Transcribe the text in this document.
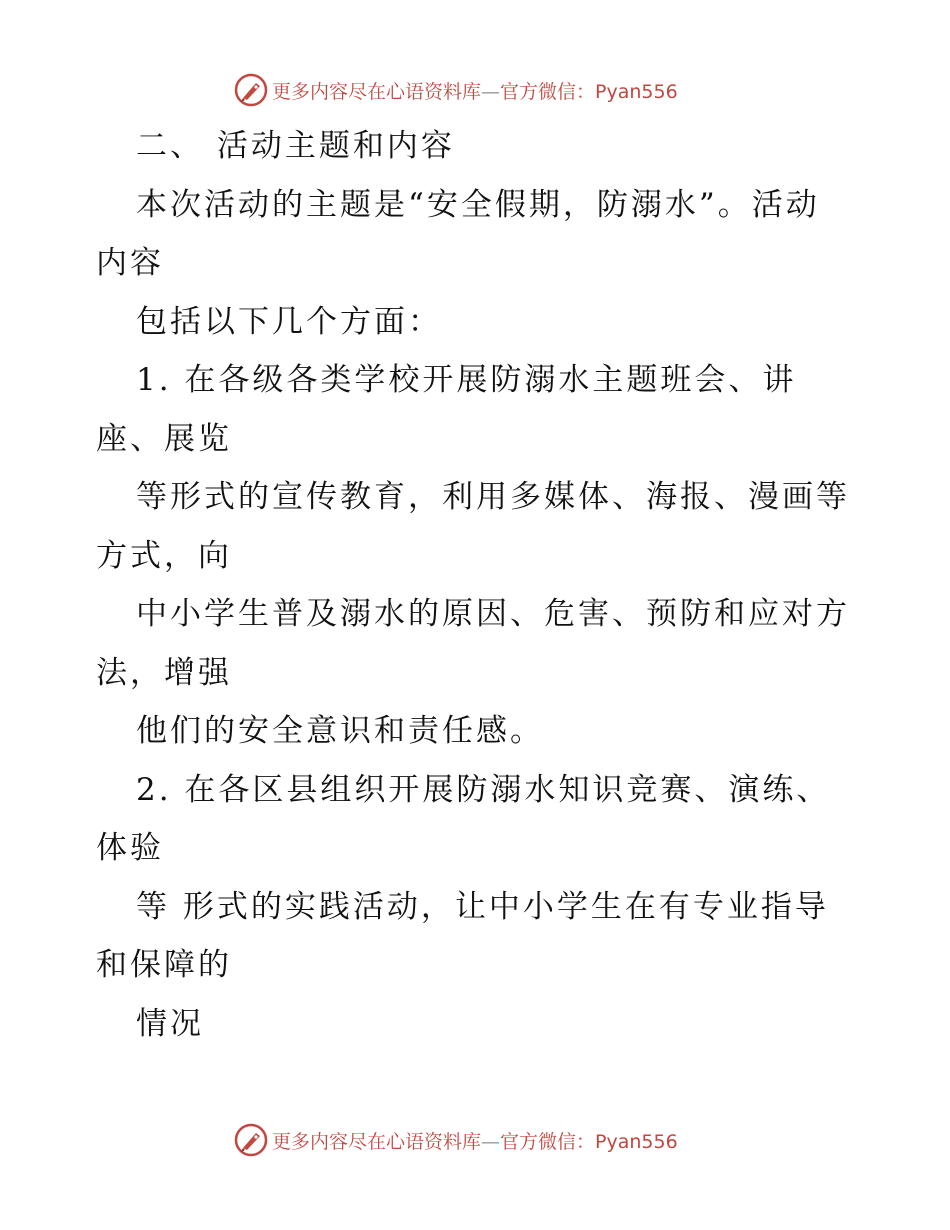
更多内容尽在心语资料库—官方微信：Pyan556
二、 活动主题和内容
本次活动的主题是“安全假期，防溺水”。活动
内容
包括以下几个方面：
1. 在各级各类学校开展防溺水主题班会、讲
座、展览
等形式的宣传教育，利用多媒体、海报、漫画等
方式，向
中小学生普及溺水的原因、危害、预防和应对方
法，增强
他们的安全意识和责任感。
2. 在各区县组织开展防溺水知识竞赛、演练、
体验
等 形式的实践活动，让中小学生在有专业指导
和保障的
情况
更多内容尽在心语资料库—官方微信：Pyan556
